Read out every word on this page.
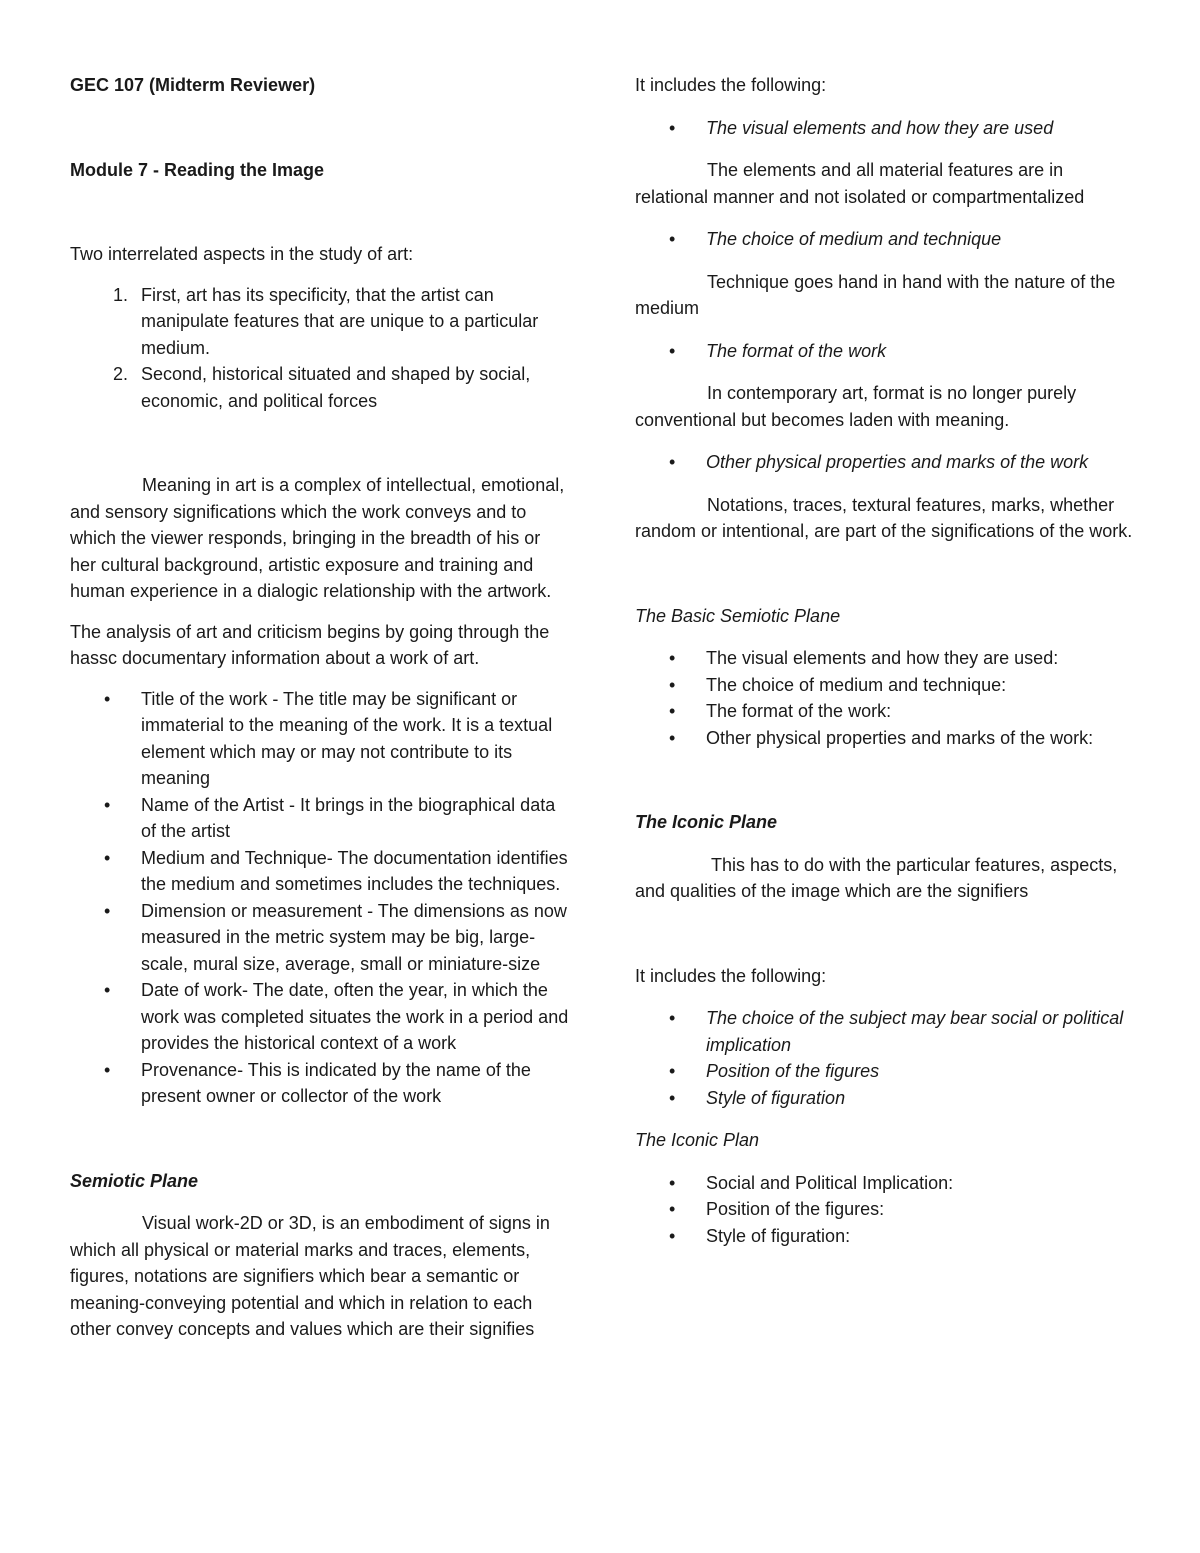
GEC 107 (Midterm Reviewer)

Module 7 - Reading the Image

Two interrelated aspects in the study of art:

1. First, art has its specificity, that the artist can manipulate features that are unique to a particular medium.
2. Second, historical situated and shaped by social, economic, and political forces

Meaning in art is a complex of intellectual, emotional, and sensory significations which the work conveys and to which the viewer responds, bringing in the breadth of his or her cultural background, artistic exposure and training and human experience in a dialogic relationship with the artwork.

The analysis of art and criticism begins by going through the hassc documentary information about a work of art.

• Title of the work - The title may be significant or immaterial to the meaning of the work. It is a textual element which may or may not contribute to its meaning
• Name of the Artist - It brings in the biographical data of the artist
• Medium and Technique- The documentation identifies the medium and sometimes includes the techniques.
• Dimension or measurement - The dimensions as now measured in the metric system may be big, large-scale, mural size, average, small or miniature-size
• Date of work- The date, often the year, in which the work was completed situates the work in a period and provides the historical context of a work
• Provenance- This is indicated by the name of the present owner or collector of the work

Semiotic Plane

Visual work-2D or 3D, is an embodiment of signs in which all physical or material marks and traces, elements, figures, notations are signifiers which bear a semantic or meaning-conveying potential and which in relation to each other convey concepts and values which are their signifies

It includes the following:

• The visual elements and how they are used

The elements and all material features are in relational manner and not isolated or compartmentalized

• The choice of medium and technique

Technique goes hand in hand with the nature of the medium

• The format of the work

In contemporary art, format is no longer purely conventional but becomes laden with meaning.

• Other physical properties and marks of the work

Notations, traces, textural features, marks, whether random or intentional, are part of the significations of the work.

The Basic Semiotic Plane

• The visual elements and how they are used:
• The choice of medium and technique:
• The format of the work:
• Other physical properties and marks of the work:

The Iconic Plane

This has to do with the particular features, aspects, and qualities of the image which are the signifiers

It includes the following:

• The choice of the subject may bear social or political implication
• Position of the figures
• Style of figuration

The Iconic Plan

• Social and Political Implication:
• Position of the figures:
• Style of figuration:
